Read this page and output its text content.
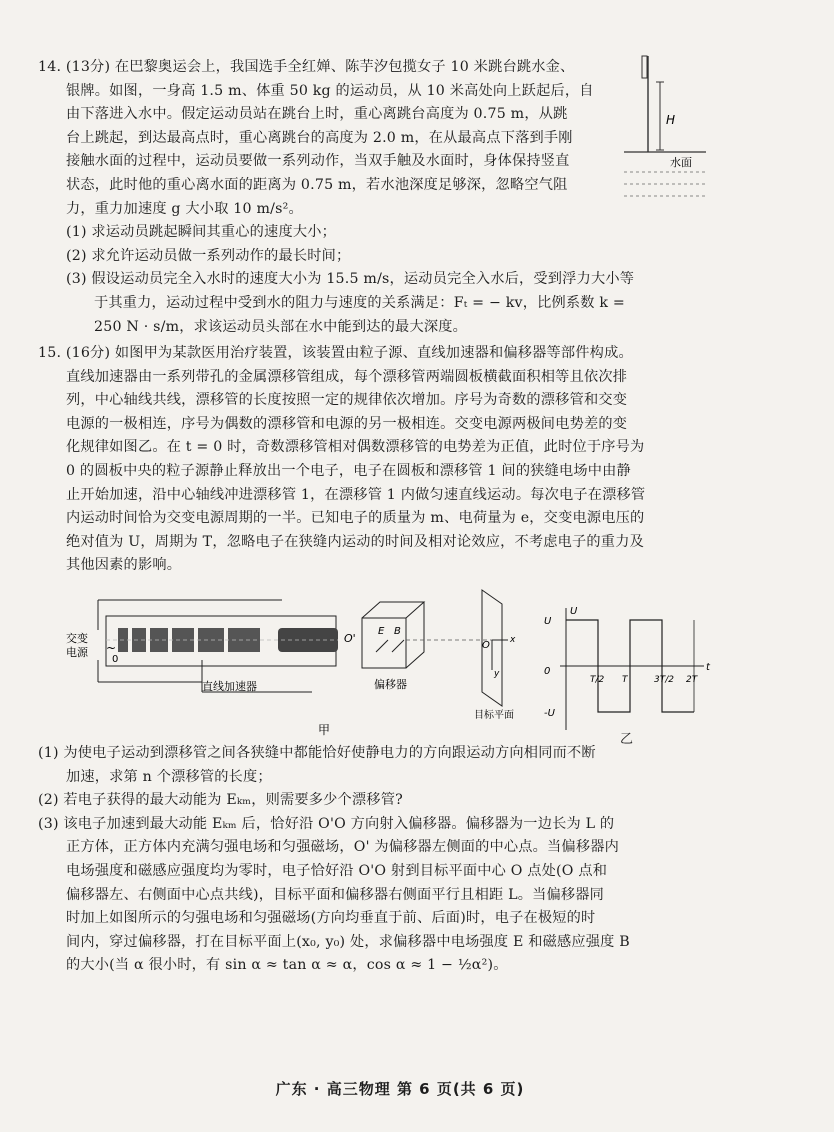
14. (13分) 在巴黎奥运会上，我国选手全红婵、陈芋汐包揽女子 10 米跳台跳水金、

银牌。如图，一身高 1.5 m、体重 50 kg 的运动员，从 10 米高处向上跃起后，自

由下落进入水中。假定运动员站在跳台上时，重心离跳台高度为 0.75 m，从跳

台上跳起，到达最高点时，重心离跳台的高度为 2.0 m，在从最高点下落到手刚

接触水面的过程中，运动员要做一系列动作，当双手触及水面时，身体保持竖直

状态，此时他的重心离水面的距离为 0.75 m，若水池深度足够深，忽略空气阻

力，重力加速度 g 大小取 10 m/s²。

(1) 求运动员跳起瞬间其重心的速度大小；

(2) 求允许运动员做一系列动作的最长时间；

(3) 假设运动员完全入水时的速度大小为 15.5 m/s，运动员完全入水后，受到浮力大小等

于其重力，运动过程中受到水的阻力与速度的关系满足：Fₜ = − kv，比例系数 k =

250 N · s/m，求该运动员头部在水中能到达的最大深度。

H
水面

15. (16分) 如图甲为某款医用治疗装置，该装置由粒子源、直线加速器和偏移器等部件构成。

直线加速器由一系列带孔的金属漂移管组成，每个漂移管两端圆板横截面积相等且依次排

列，中心轴线共线，漂移管的长度按照一定的规律依次增加。序号为奇数的漂移管和交变

电源的一极相连，序号为偶数的漂移管和电源的另一极相连。交变电源两极间电势差的变

化规律如图乙。在 t = 0 时，奇数漂移管相对偶数漂移管的电势差为正值，此时位于序号为

0 的圆板中央的粒子源静止释放出一个电子，电子在圆板和漂移管 1 间的狭缝电场中由静

止开始加速，沿中心轴线冲进漂移管 1，在漂移管 1 内做匀速直线运动。每次电子在漂移管

内运动时间恰为交变电源周期的一半。已知电子的质量为 m、电荷量为 e，交变电源电压的

绝对值为 U，周期为 T，忽略电子在狭缝内运动的时间及相对论效应，不考虑电子的重力及

其他因素的影响。

交变
电源 ~
0
直线加速器
O'
E B
偏移器
x
y
O
目标平面
甲
U
t
U
0
-U
T/2 T	3T/2 2T
乙

(1) 为使电子运动到漂移管之间各狭缝中都能恰好使静电力的方向跟运动方向相同而不断

加速，求第 n 个漂移管的长度；

(2) 若电子获得的最大动能为 Eₖₘ，则需要多少个漂移管?

(3) 该电子加速到最大动能 Eₖₘ 后，恰好沿 O'O 方向射入偏移器。偏移器为一边长为 L 的

正方体，正方体内充满匀强电场和匀强磁场，O' 为偏移器左侧面的中心点。当偏移器内

电场强度和磁感应强度均为零时，电子恰好沿 O'O 射到目标平面中心 O 点处(O 点和

偏移器左、右侧面中心点共线)，目标平面和偏移器右侧面平行且相距 L。当偏移器同

时加上如图所示的匀强电场和匀强磁场(方向均垂直于前、后面)时，电子在极短的时

间内，穿过偏移器，打在目标平面上(x₀, y₀) 处，求偏移器中电场强度 E 和磁感应强度 B

的大小(当 α 很小时，有 sin α ≈ tan α ≈ α，cos α ≈ 1 − ½α²)。

广东 · 高三物理 第 6 页(共 6 页)
